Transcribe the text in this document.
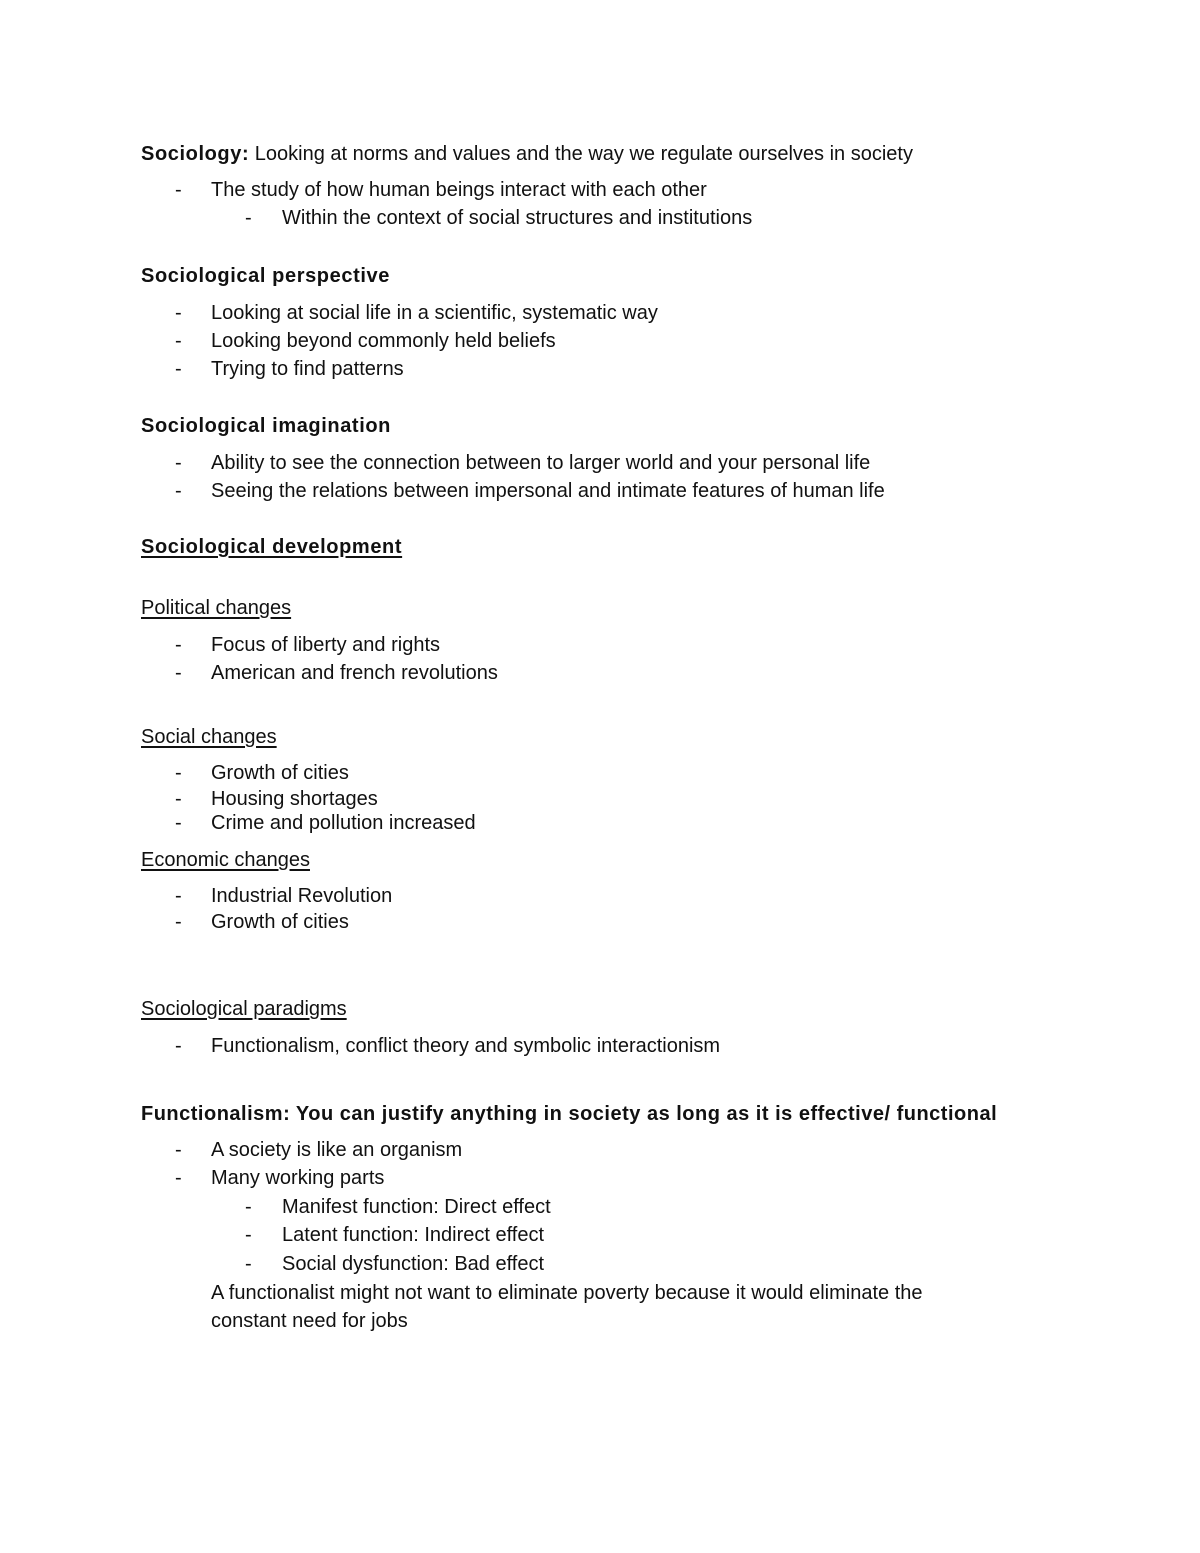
Sociology: Looking at norms and values and the way we regulate ourselves in society
- The study of how human beings interact with each other
- Within the context of social structures and institutions
Sociological perspective
- Looking at social life in a scientific, systematic way
- Looking beyond commonly held beliefs
- Trying to find patterns
Sociological imagination
- Ability to see the connection between to larger world and your personal life
- Seeing the relations between impersonal and intimate features of human life
Sociological development
Political changes
- Focus of liberty and rights
- American and french revolutions
Social changes
- Growth of cities
- Housing shortages
- Crime and pollution increased
Economic changes
- Industrial Revolution
- Growth of cities
Sociological paradigms
- Functionalism, conflict theory and symbolic interactionism
Functionalism: You can justify anything in society as long as it is effective/ functional
- A society is like an organism
- Many working parts
- Manifest function: Direct effect
- Latent function: Indirect effect
- Social dysfunction: Bad effect
A functionalist might not want to eliminate poverty because it would eliminate the
constant need for jobs
